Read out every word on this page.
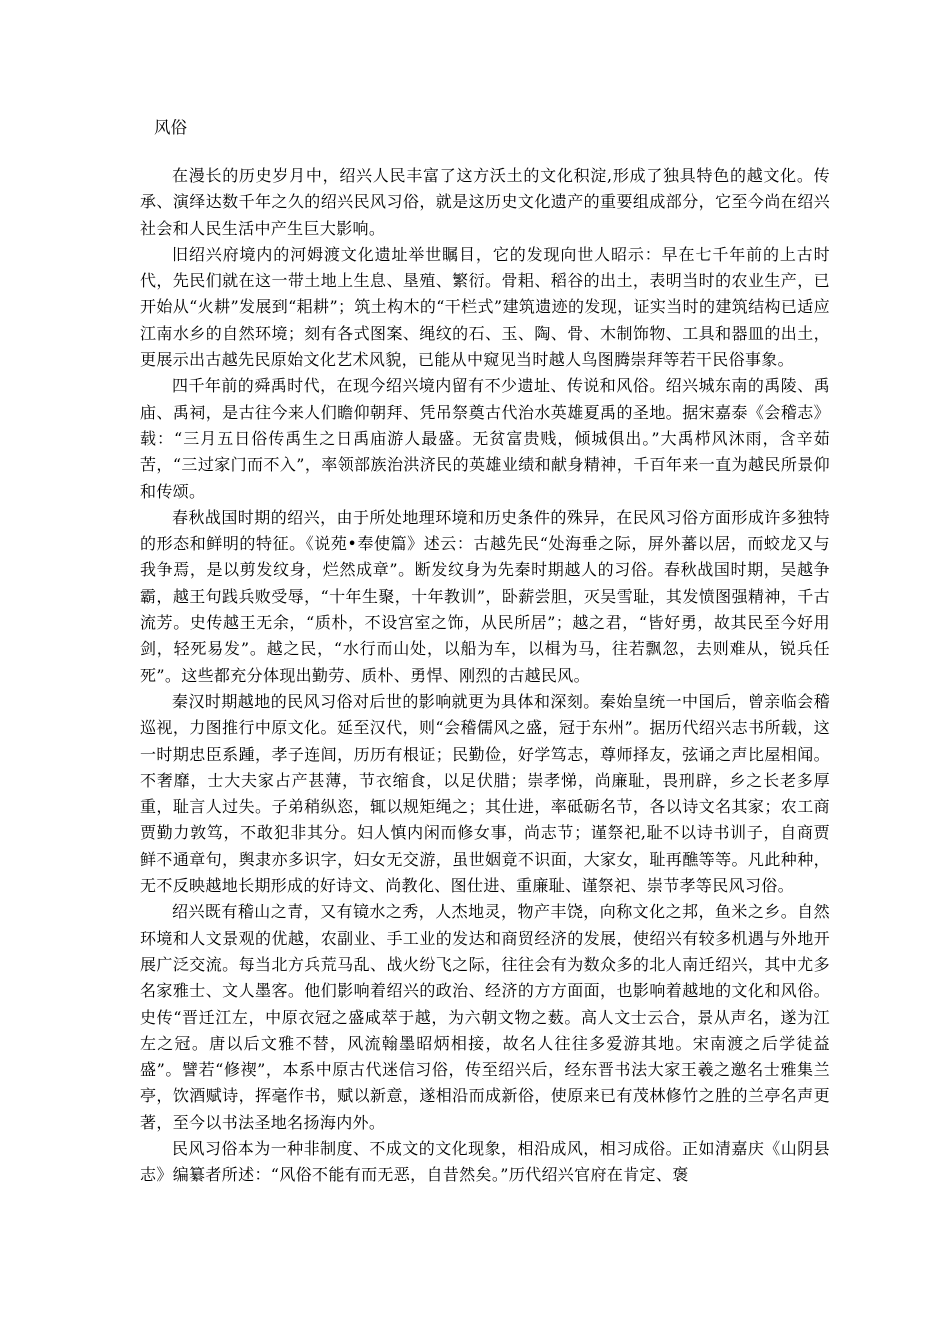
风俗

在漫长的历史岁月中，绍兴人民丰富了这方沃土的文化积淀,形成了独具特色的越文化。传承、演绎达数千年之久的绍兴民风习俗，就是这历史文化遗产的重要组成部分，它至今尚在绍兴社会和人民生活中产生巨大影响。

旧绍兴府境内的河姆渡文化遗址举世瞩目，它的发现向世人昭示：早在七千年前的上古时代，先民们就在这一带土地上生息、垦殖、繁衍。骨耜、稻谷的出土，表明当时的农业生产，已开始从“火耕”发展到“耜耕”；筑土构木的“干栏式”建筑遗迹的发现，证实当时的建筑结构已适应江南水乡的自然环境；刻有各式图案、绳纹的石、玉、陶、骨、木制饰物、工具和器皿的出土，更展示出古越先民原始文化艺术风貌，已能从中窥见当时越人鸟图腾崇拜等若干民俗事象。

四千年前的舜禹时代，在现今绍兴境内留有不少遗址、传说和风俗。绍兴城东南的禹陵、禹庙、禹祠，是古往今来人们瞻仰朝拜、凭吊祭奠古代治水英雄夏禹的圣地。据宋嘉泰《会稽志》载：“三月五日俗传禹生之日禹庙游人最盛。无贫富贵贱，倾城俱出。”大禹栉风沐雨，含辛茹苦，“三过家门而不入”，率领部族治洪济民的英雄业绩和献身精神，千百年来一直为越民所景仰和传颂。

春秋战国时期的绍兴，由于所处地理环境和历史条件的殊异，在民风习俗方面形成许多独特的形态和鲜明的特征。《说苑•奉使篇》述云：古越先民“处海垂之际，屏外蕃以居，而蛟龙又与我争焉，是以剪发纹身，烂然成章”。断发纹身为先秦时期越人的习俗。春秋战国时期，吴越争霸，越王句践兵败受辱，“十年生聚，十年教训”，卧薪尝胆，灭吴雪耻，其发愤图强精神，千古流芳。史传越王无余，“质朴，不设宫室之饰，从民所居”；越之君，“皆好勇，故其民至今好用剑，轻死易发”。越之民，“水行而山处，以船为车，以楫为马，往若飘忽，去则难从，锐兵任死”。这些都充分体现出勤劳、质朴、勇悍、刚烈的古越民风。

秦汉时期越地的民风习俗对后世的影响就更为具体和深刻。秦始皇统一中国后，曾亲临会稽巡视，力图推行中原文化。延至汉代，则“会稽儒风之盛，冠于东州”。据历代绍兴志书所载，这一时期忠臣系踵，孝子连闾，历历有根证；民勤俭，好学笃志，尊师择友，弦诵之声比屋相闻。不奢靡，士大夫家占产甚薄，节衣缩食，以足伏腊；崇孝悌，尚廉耻，畏刑辟，乡之长老多厚重，耻言人过失。子弟稍纵恣，辄以规矩绳之；其仕进，率砥砺名节，各以诗文名其家；农工商贾勤力敦笃，不敢犯非其分。妇人慎内闲而修女事，尚志节；谨祭祀,耻不以诗书训子，自商贾鲜不通章句，舆隶亦多识字，妇女无交游，虽世姻竟不识面，大家女，耻再醮等等。凡此种种，无不反映越地长期形成的好诗文、尚教化、图仕进、重廉耻、谨祭祀、崇节孝等民风习俗。

绍兴既有稽山之青，又有镜水之秀，人杰地灵，物产丰饶，向称文化之邦，鱼米之乡。自然环境和人文景观的优越，农副业、手工业的发达和商贸经济的发展，使绍兴有较多机遇与外地开展广泛交流。每当北方兵荒马乱、战火纷飞之际，往往会有为数众多的北人南迁绍兴，其中尤多名家雅士、文人墨客。他们影响着绍兴的政治、经济的方方面面，也影响着越地的文化和风俗。史传“晋迁江左，中原衣冠之盛咸萃于越，为六朝文物之薮。高人文士云合，景从声名，遂为江左之冠。唐以后文雅不替，风流翰墨昭炳相接，故名人往往多爱游其地。宋南渡之后学徒益盛”。譬若“修禊”，本系中原古代迷信习俗，传至绍兴后，经东晋书法大家王羲之邀名士雅集兰亭，饮酒赋诗，挥毫作书，赋以新意，遂相沿而成新俗，使原来已有茂林修竹之胜的兰亭名声更著，至今以书法圣地名扬海内外。

民风习俗本为一种非制度、不成文的文化现象，相沿成风，相习成俗。正如清嘉庆《山阴县志》编纂者所述：“风俗不能有而无恶，自昔然矣。”历代绍兴官府在肯定、褒
